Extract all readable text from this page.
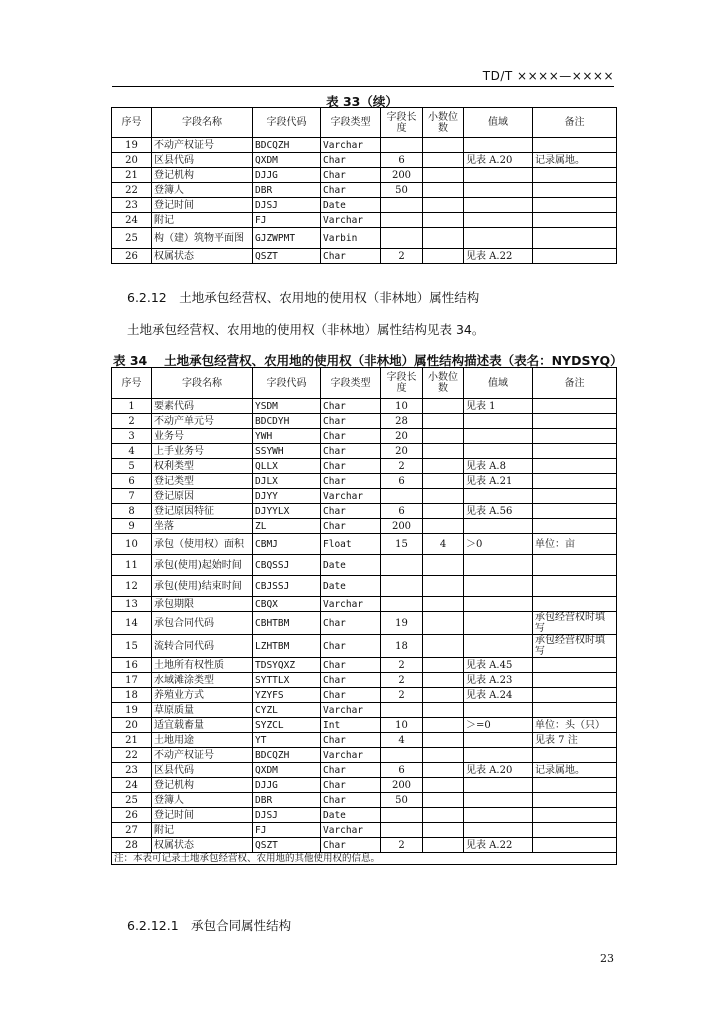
TD/T ××××—××××
表 33（续）
序号	字段名称	字段代码	字段类型	字段长度	小数位数	值域	备注
19	不动产权证号	BDCQZH	Varchar				
20	区县代码	QXDM	Char	6		见表 A.20	记录属地。
21	登记机构	DJJG	Char	200			
22	登簿人	DBR	Char	50			
23	登记时间	DJSJ	Date				
24	附记	FJ	Varchar				
25	构（建）筑物平面图	GJZWPMT	Varbin				
26	权属状态	QSZT	Char	2		见表 A.22	
6.2.12　土地承包经营权、农用地的使用权（非林地）属性结构
土地承包经营权、农用地的使用权（非林地）属性结构见表 34。
表 34　 土地承包经营权、农用地的使用权（非林地）属性结构描述表（表名：NYDSYQ）
序号	字段名称	字段代码	字段类型	字段长度	小数位数	值域	备注
1	要素代码	YSDM	Char	10		见表 1	
2	不动产单元号	BDCDYH	Char	28			
3	业务号	YWH	Char	20			
4	上手业务号	SSYWH	Char	20			
5	权利类型	QLLX	Char	2		见表 A.8	
6	登记类型	DJLX	Char	6		见表 A.21	
7	登记原因	DJYY	Varchar				
8	登记原因特征	DJYYLX	Char	6		见表 A.56	
9	坐落	ZL	Char	200			
10	承包（使用权）面积	CBMJ	Float	15	4	＞0	单位：亩
11	承包(使用)起始时间	CBQSSJ	Date				
12	承包(使用)结束时间	CBJSSJ	Date				
13	承包期限	CBQX	Varchar				
14	承包合同代码	CBHTBM	Char	19			承包经营权时填写
15	流转合同代码	LZHTBM	Char	18			承包经营权时填写
16	土地所有权性质	TDSYQXZ	Char	2		见表 A.45	
17	水域滩涂类型	SYTTLX	Char	2		见表 A.23	
18	养殖业方式	YZYFS	Char	2		见表 A.24	
19	草原质量	CYZL	Varchar				
20	适宜载畜量	SYZCL	Int	10		＞=0	单位：头（只）
21	土地用途	YT	Char	4			见表 7 注
22	不动产权证号	BDCQZH	Varchar				
23	区县代码	QXDM	Char	6		见表 A.20	记录属地。
24	登记机构	DJJG	Char	200			
25	登簿人	DBR	Char	50			
26	登记时间	DJSJ	Date				
27	附记	FJ	Varchar				
28	权属状态	QSZT	Char	2		见表 A.22	
注：本表可记录土地承包经营权、农用地的其他使用权的信息。							
6.2.12.1　承包合同属性结构
23
